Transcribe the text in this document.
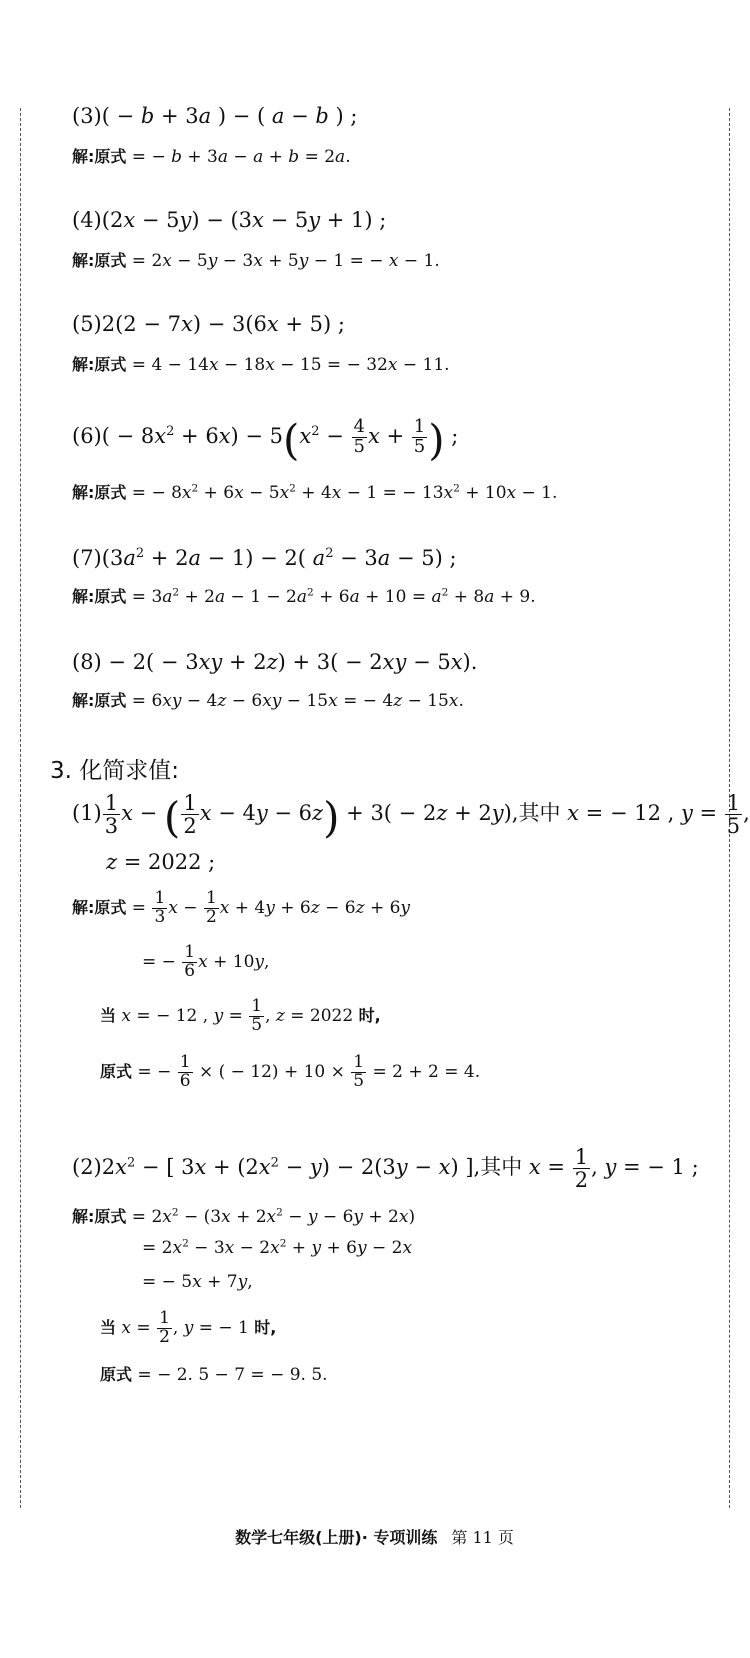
(3)( − b + 3a ) − ( a − b ) ;
解:原式 = − b + 3a − a + b = 2a.
(4)(2x − 5y) − (3x − 5y + 1) ;
解:原式 = 2x − 5y − 3x + 5y − 1 = − x − 1.
(5)2(2 − 7x) − 3(6x + 5) ;
解:原式 = 4 − 14x − 18x − 15 = − 32x − 11.
$(6)( - 8x^2 + 6x) - 5(x^2 - \frac{4}{5}$ $x + \frac{1}{5}$ ) ;
解:原式 = − $8x^2 + 6x - 5x^2 + 4x - 1$ = − $13x^2 + 10x - 1$.
$(7)(3a^2 + 2a - 1) - 2$( $a^2 - 3a - 5$) ;
解:原式 = $3a^2 + 2a - 1 - 2a^2 + 6a + 10 = a^2 + 8a + 9$.
(8) − 2( − 3xy + 2z) + 3( − 2xy − 5x).
解:原式 = 6xy − 4z − 6xy − 15x = − 4z − 15x.
3. 化简求值:
$(1) \frac{1}{3}$ x − ( $\frac{1}{2}$ x − 4y − 6z) + 3( − 2z + 2y),其中 x = − 12 , $y = \frac{1}{5}$ ,
z = 2022 ;
解:原式 = $\frac{1}{3}$ $x - \frac{1}{2}$ x + 4y + 6z − 6z + 6y
= − $\frac{1}{6}$ x + 10y,
当 x = − 12 , $y = \frac{1}{5}$ , z = 2022 时,
原式 = − $\frac{1}{6}$ × ( − $12) + 10 \times \frac{1}{5} = 2 + 2 = 4$.
$(2)2x^2$ − [ $3x + (2x^2 - y) - 2(3y - x)$ ],其中 $x = \frac{1}{2}$ , y = − 1 ;
解:原式 = $2x^2 - (3x + 2x^2 - y - 6y + 2x)$
= $2x^2 - 3x - 2x^2 + y + 6y - 2x$
= − 5x + 7y,
当 $x = \frac{1}{2}$ , y = − 1 时,
原式 = − 2. 5 − 7 = − 9. 5.
数学七年级(上册)· 专项训练 第 11 页
